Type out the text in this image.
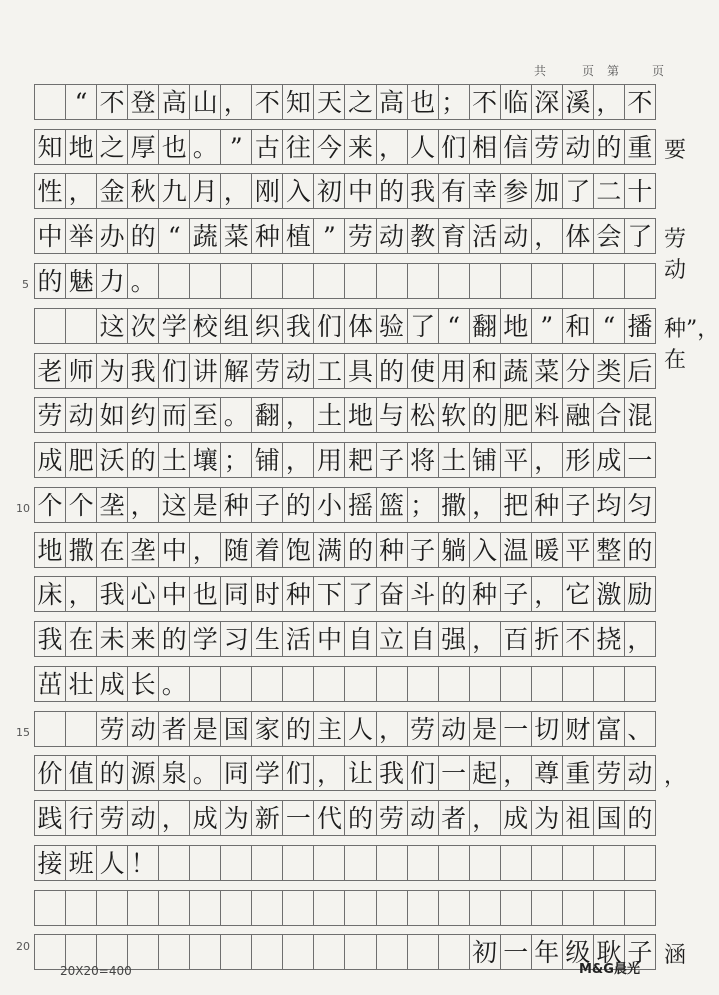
共	页 第	页
“ 不 登 高 山 ， 不 知 天 之 高 也 ； 不 临 深 溪 ， 不
知 地 之 厚 也 。 ” 古 往 今 来 ， 人 们 相 信 劳 动 的 重 要
性 ， 金 秋 九 月 ， 刚 入 初 中 的 我 有 幸 参 加 了 二 十
中 举 办 的 “ 蔬 菜 种 植 ” 劳 动 教 育 活 动 ， 体 会 了 劳动
的 魅 力 。
这 次 学 校 组 织 我 们 体 验 了 “ 翻 地 ” 和 “ 播 种”，在
老 师 为 我 们 讲 解 劳 动 工 具 的 使 用 和 蔬 菜 分 类 后
劳 动 如 约 而 至 。 翻 ， 土 地 与 松 软 的 肥 料 融 合 混
成 肥 沃 的 土 壤 ； 铺 ， 用 耙 子 将 土 铺 平 ， 形 成 一
个 个 垄 ， 这 是 种 子 的 小 摇 篮 ； 撒 ， 把 种 子 均 匀
地 撒 在 垄 中 ， 随 着 饱 满 的 种 子 躺 入 温 暖 平 整 的
床 ， 我 心 中 也 同 时 种 下 了 奋 斗 的 种 子 ， 它 激 励
我 在 未 来 的 学 习 生 活 中 自 立 自 强 ， 百 折 不 挠 ，
茁 壮 成 长 。
劳 动 者 是 国 家 的 主 人 ， 劳 动 是 一 切 财 富 、
价 值 的 源 泉 。 同 学 们 ， 让 我 们 一 起 ， 尊 重 劳 动 ，
践 行 劳 动 ， 成 为 新 一 代 的 劳 动 者 ， 成 为 祖 国 的
接 班 人 ！
初 一 年 级 耿 子 涵
5
10
15
20
20X20=400	M&G晨光
